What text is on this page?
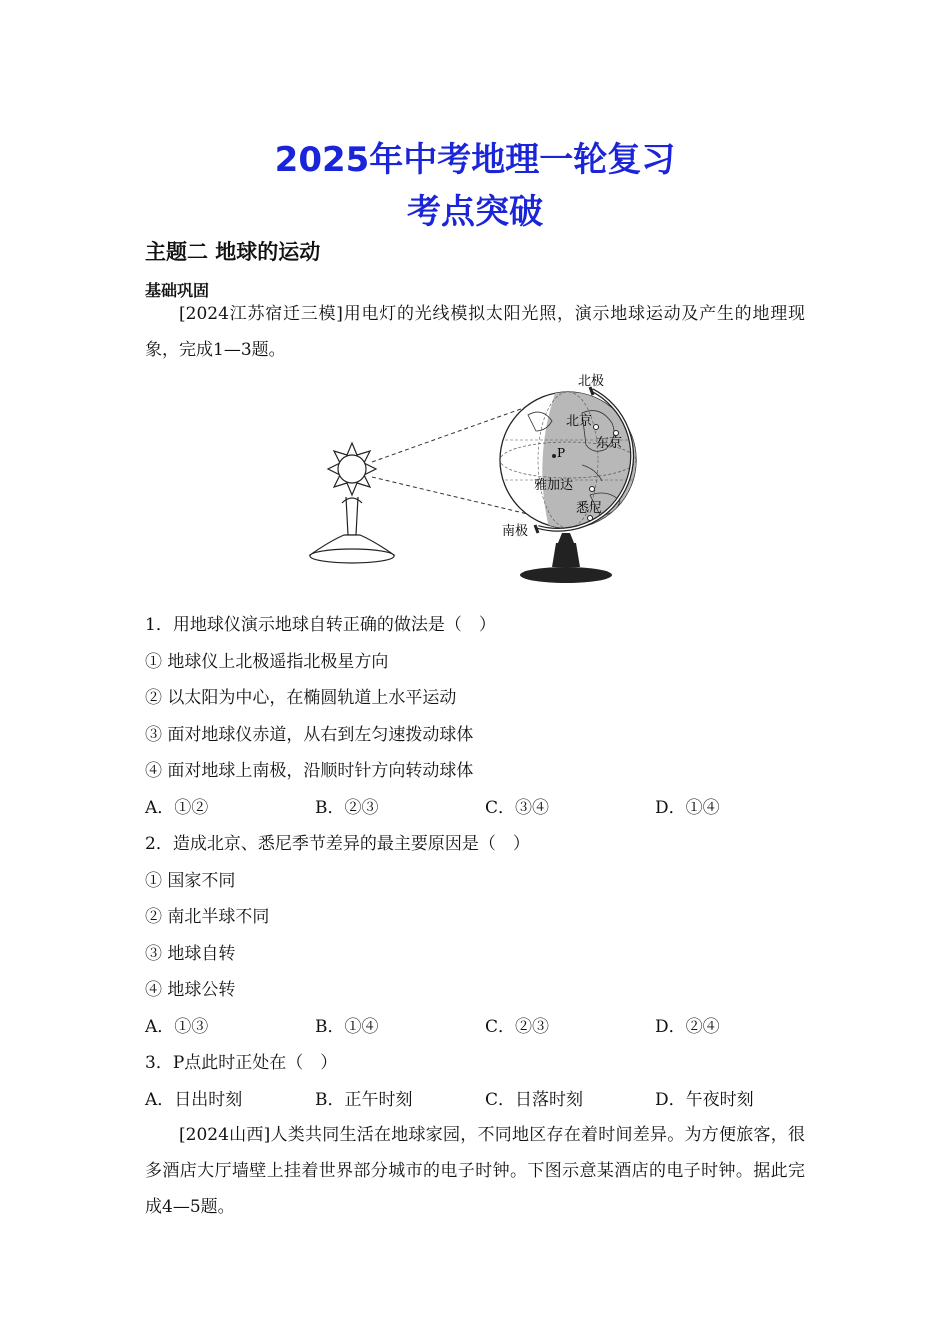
2025年中考地理一轮复习
考点突破
主题二 地球的运动
基础巩固
[2024江苏宿迁三模]用电灯的光线模拟太阳光照，演示地球运动及产生的地理现象，完成1—3题。
北极
南极
北京
东京
P
雅加达
悉尼
1．用地球仪演示地球自转正确的做法是（　）
① 地球仪上北极遥指北极星方向
② 以太阳为中心，在椭圆轨道上水平运动
③ 面对地球仪赤道，从右到左匀速拨动球体
④ 面对地球上南极，沿顺时针方向转动球体
A．①②	B．②③	C．③④	D．①④
2．造成北京、悉尼季节差异的最主要原因是（　）
① 国家不同
② 南北半球不同
③ 地球自转
④ 地球公转
A．①③	B．①④	C．②③	D．②④
3．P点此时正处在（　）
A．日出时刻	B．正午时刻	C．日落时刻	D．午夜时刻
[2024山西]人类共同生活在地球家园，不同地区存在着时间差异。为方便旅客，很多酒店大厅墙壁上挂着世界部分城市的电子时钟。下图示意某酒店的电子时钟。据此完成4—5题。
